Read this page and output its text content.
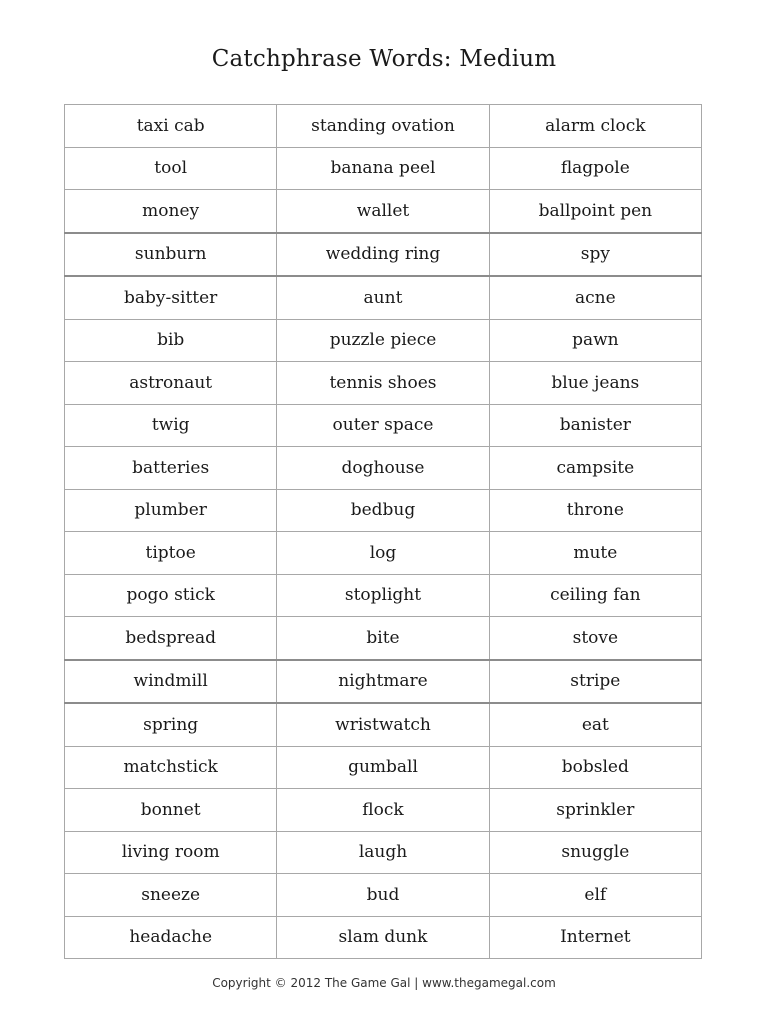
Catchphrase Words: Medium
taxi cab	standing ovation	alarm clock
tool	banana peel	flagpole
money	wallet	ballpoint pen
sunburn	wedding ring	spy
baby-sitter	aunt	acne
bib	puzzle piece	pawn
astronaut	tennis shoes	blue jeans
twig	outer space	banister
batteries	doghouse	campsite
plumber	bedbug	throne
tiptoe	log	mute
pogo stick	stoplight	ceiling fan
bedspread	bite	stove
windmill	nightmare	stripe
spring	wristwatch	eat
matchstick	gumball	bobsled
bonnet	flock	sprinkler
living room	laugh	snuggle
sneeze	bud	elf
headache	slam dunk	Internet
Copyright © 2012 The Game Gal | www.thegamegal.com
